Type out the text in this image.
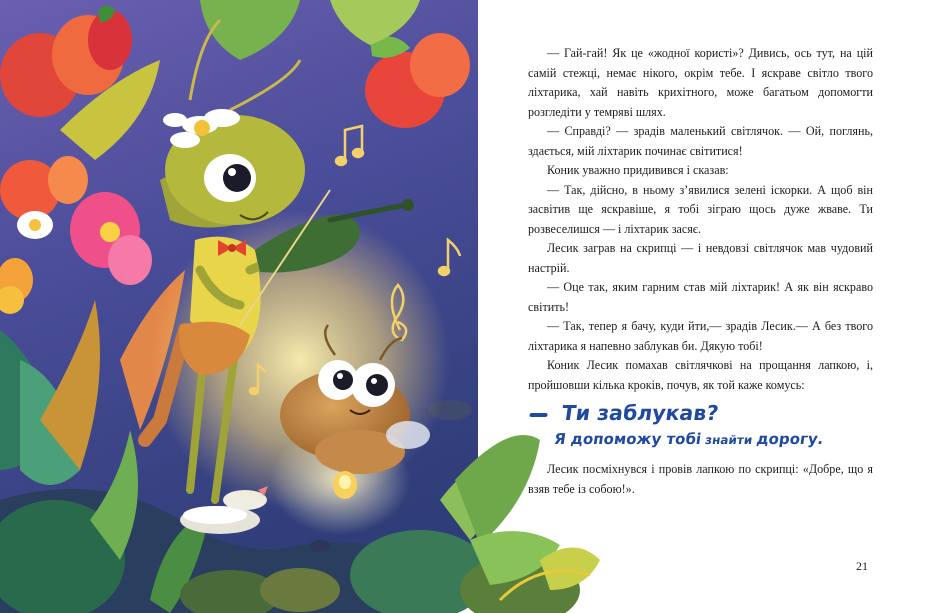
— Гай-гай! Як це «жодної користі»? Дивись, ось тут, на цій самій стежці, немає нікого, окрім тебе. І яскраве світло твого ліхтарика, хай навіть крихітного, може багатьом допомогти розгледіти у темряві шлях.

— Справді? — зрадів маленький світлячок. — Ой, поглянь, здається, мій ліхтарик починає світитися!

Коник уважно придивився і сказав:

— Так, дійсно, в ньому з’явилися зелені іскорки. А щоб він засвітив ще яскравіше, я тобі зіграю щось дуже жваве. Ти розвеселишся — і ліхтарик засяє.

Лесик заграв на скрипці — і невдовзі світлячок мав чудовий настрій.

— Оце так, яким гарним став мій ліхтарик! А як він яскраво світить!

— Так, тепер я бачу, куди йти,— зрадів Лесик.— А без твого ліхтарика я напевно заблукав би. Дякую тобі!

Коник Лесик помахав світлячкові на прощання лапкою, і, пройшовши кілька кроків, почув, як той каже комусь:

Ти заблукав?
Я допоможу тобі знайти дорогу.

Лесик посміхнувся і провів лапкою по скрипці: «Добре, що я взяв тебе із собою!».

21
